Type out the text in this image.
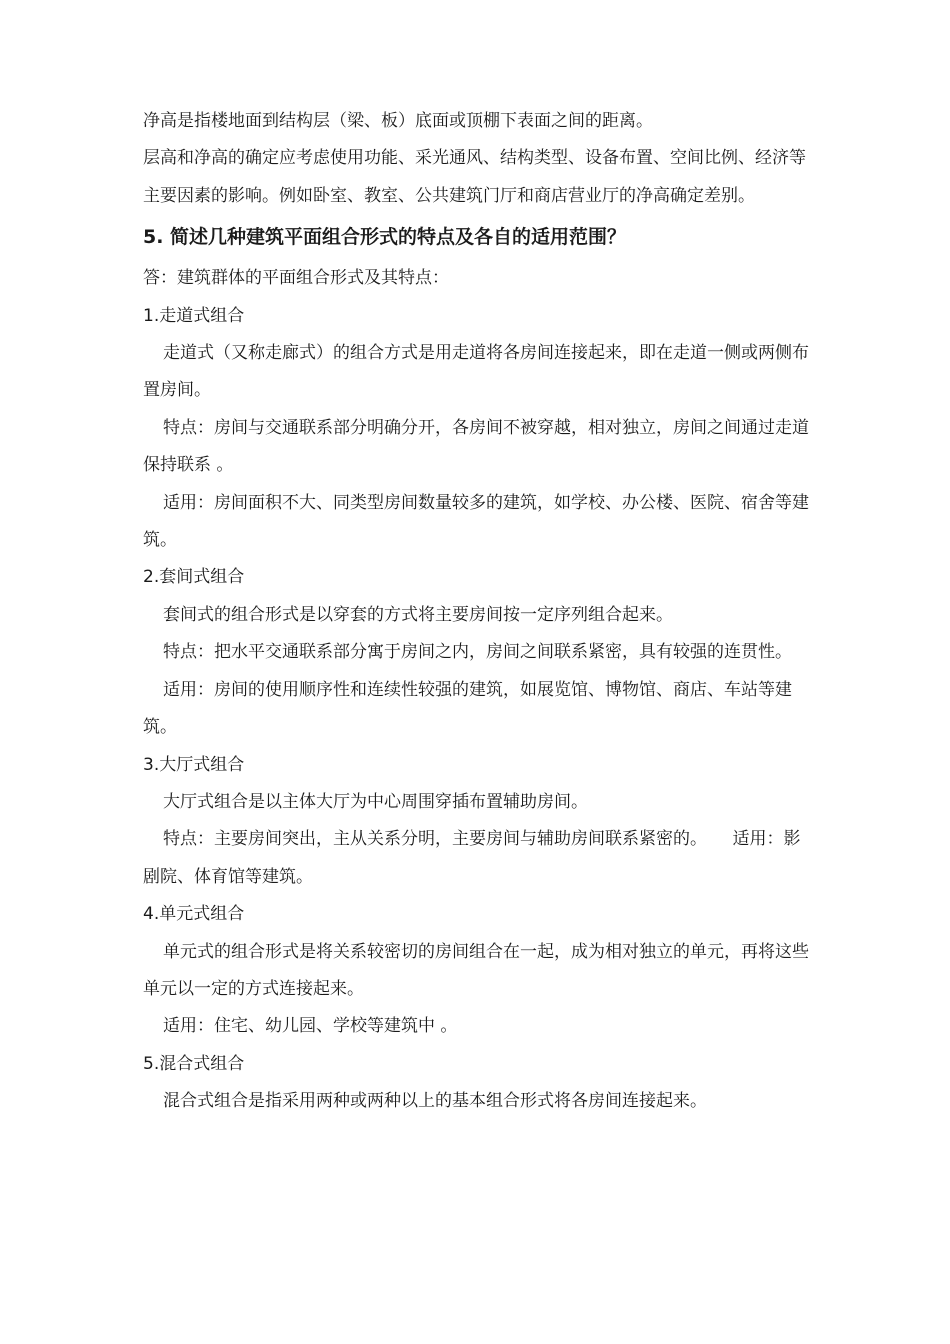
净高是指楼地面到结构层（梁、板）底面或顶棚下表面之间的距离。

层高和净高的确定应考虑使用功能、采光通风、结构类型、设备布置、空间比例、经济等主要因素的影响。例如卧室、教室、公共建筑门厅和商店营业厅的净高确定差别。

5. 简述几种建筑平面组合形式的特点及各自的适用范围？

答：建筑群体的平面组合形式及其特点：

1.走道式组合

走道式（又称走廊式）的组合方式是用走道将各房间连接起来，即在走道一侧或两侧布置房间。

特点：房间与交通联系部分明确分开，各房间不被穿越，相对独立，房间之间通过走道保持联系 。

适用：房间面积不大、同类型房间数量较多的建筑，如学校、办公楼、医院、宿舍等建筑。

2.套间式组合

套间式的组合形式是以穿套的方式将主要房间按一定序列组合起来。

特点：把水平交通联系部分寓于房间之内，房间之间联系紧密，具有较强的连贯性。

适用：房间的使用顺序性和连续性较强的建筑，如展览馆、博物馆、商店、车站等建筑。

3.大厅式组合

大厅式组合是以主体大厅为中心周围穿插布置辅助房间。

特点：主要房间突出，主从关系分明，主要房间与辅助房间联系紧密的。　　适用：影剧院、体育馆等建筑。

4.单元式组合

单元式的组合形式是将关系较密切的房间组合在一起，成为相对独立的单元，再将这些单元以一定的方式连接起来。

适用：住宅、幼儿园、学校等建筑中 。

5.混合式组合

混合式组合是指采用两种或两种以上的基本组合形式将各房间连接起来。
